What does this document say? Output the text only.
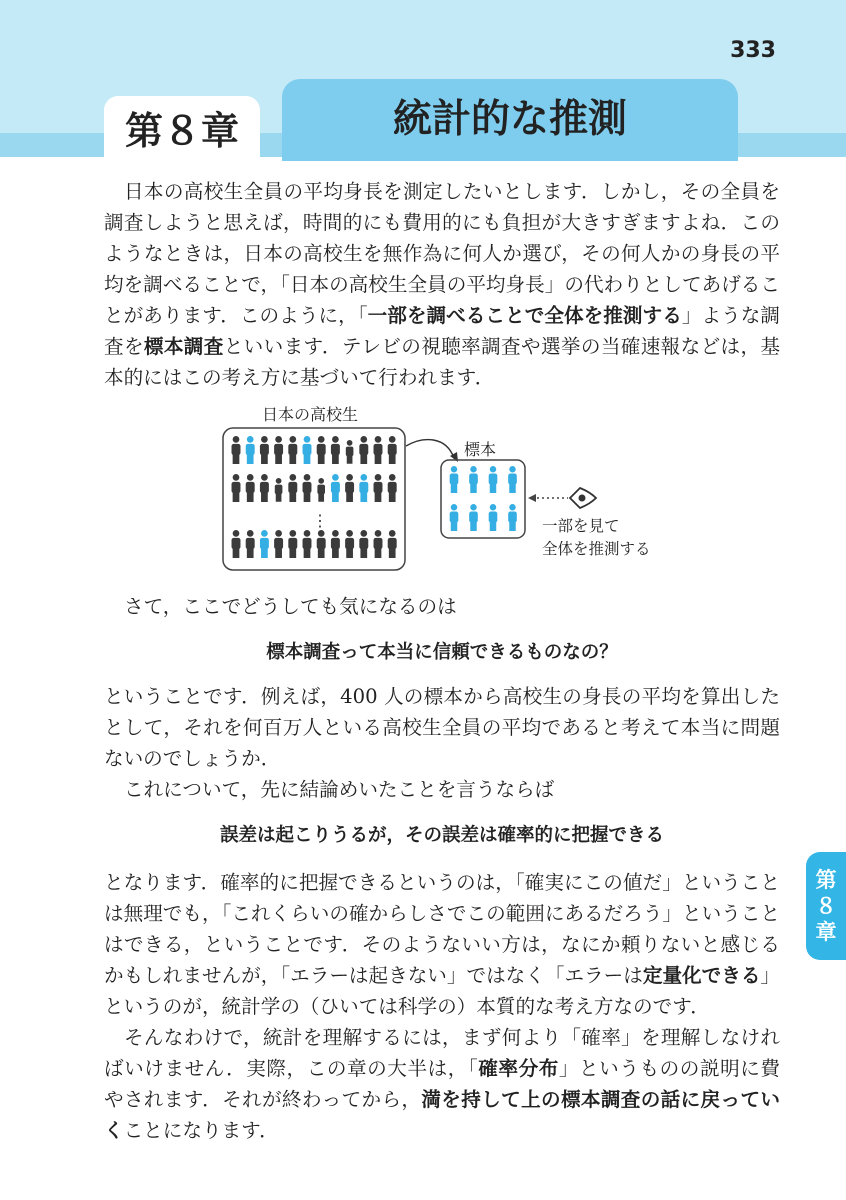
333
統計的な推測
第８章

日本の高校生全員の平均身長を測定したいとします．しかし，その全員を調査しようと思えば，時間的にも費用的にも負担が大きすぎますよね．このようなときは，日本の高校生を無作為に何人か選び，その何人かの身長の平均を調べることで，「日本の高校生全員の平均身長」の代わりとしてあげることがあります．このように，「一部を調べることで全体を推測する」ような調査を標本調査といいます．テレビの視聴率調査や選挙の当確速報などは，基本的にはこの考え方に基づいて行われます．

日本の高校生
⋮
標本
一部を見て
全体を推測する

さて，ここでどうしても気になるのは

標本調査って本当に信頼できるものなの？
ということです．例えば，400 人の標本から高校生の身長の平均を算出したとして，それを何百万人といる高校生全員の平均であると考えて本当に問題ないのでしょうか．
これについて，先に結論めいたことを言うならば
誤差は起こりうるが，その誤差は確率的に把握できる
となります．確率的に把握できるというのは，「確実にこの値だ」ということは無理でも，「これくらいの確からしさでこの範囲にあるだろう」ということはできる，ということです．そのようないい方は，なにか頼りないと感じるかもしれませんが，「エラーは起きない」ではなく「エラーは定量化できる」というのが，統計学の（ひいては科学の）本質的な考え方なのです．
そんなわけで，統計を理解するには，まず何より「確率」を理解しなければいけません．実際，この章の大半は，「確率分布」というものの説明に費やされます．それが終わってから，満を持して上の標本調査の話に戻っていくことになります．
第
８
章
